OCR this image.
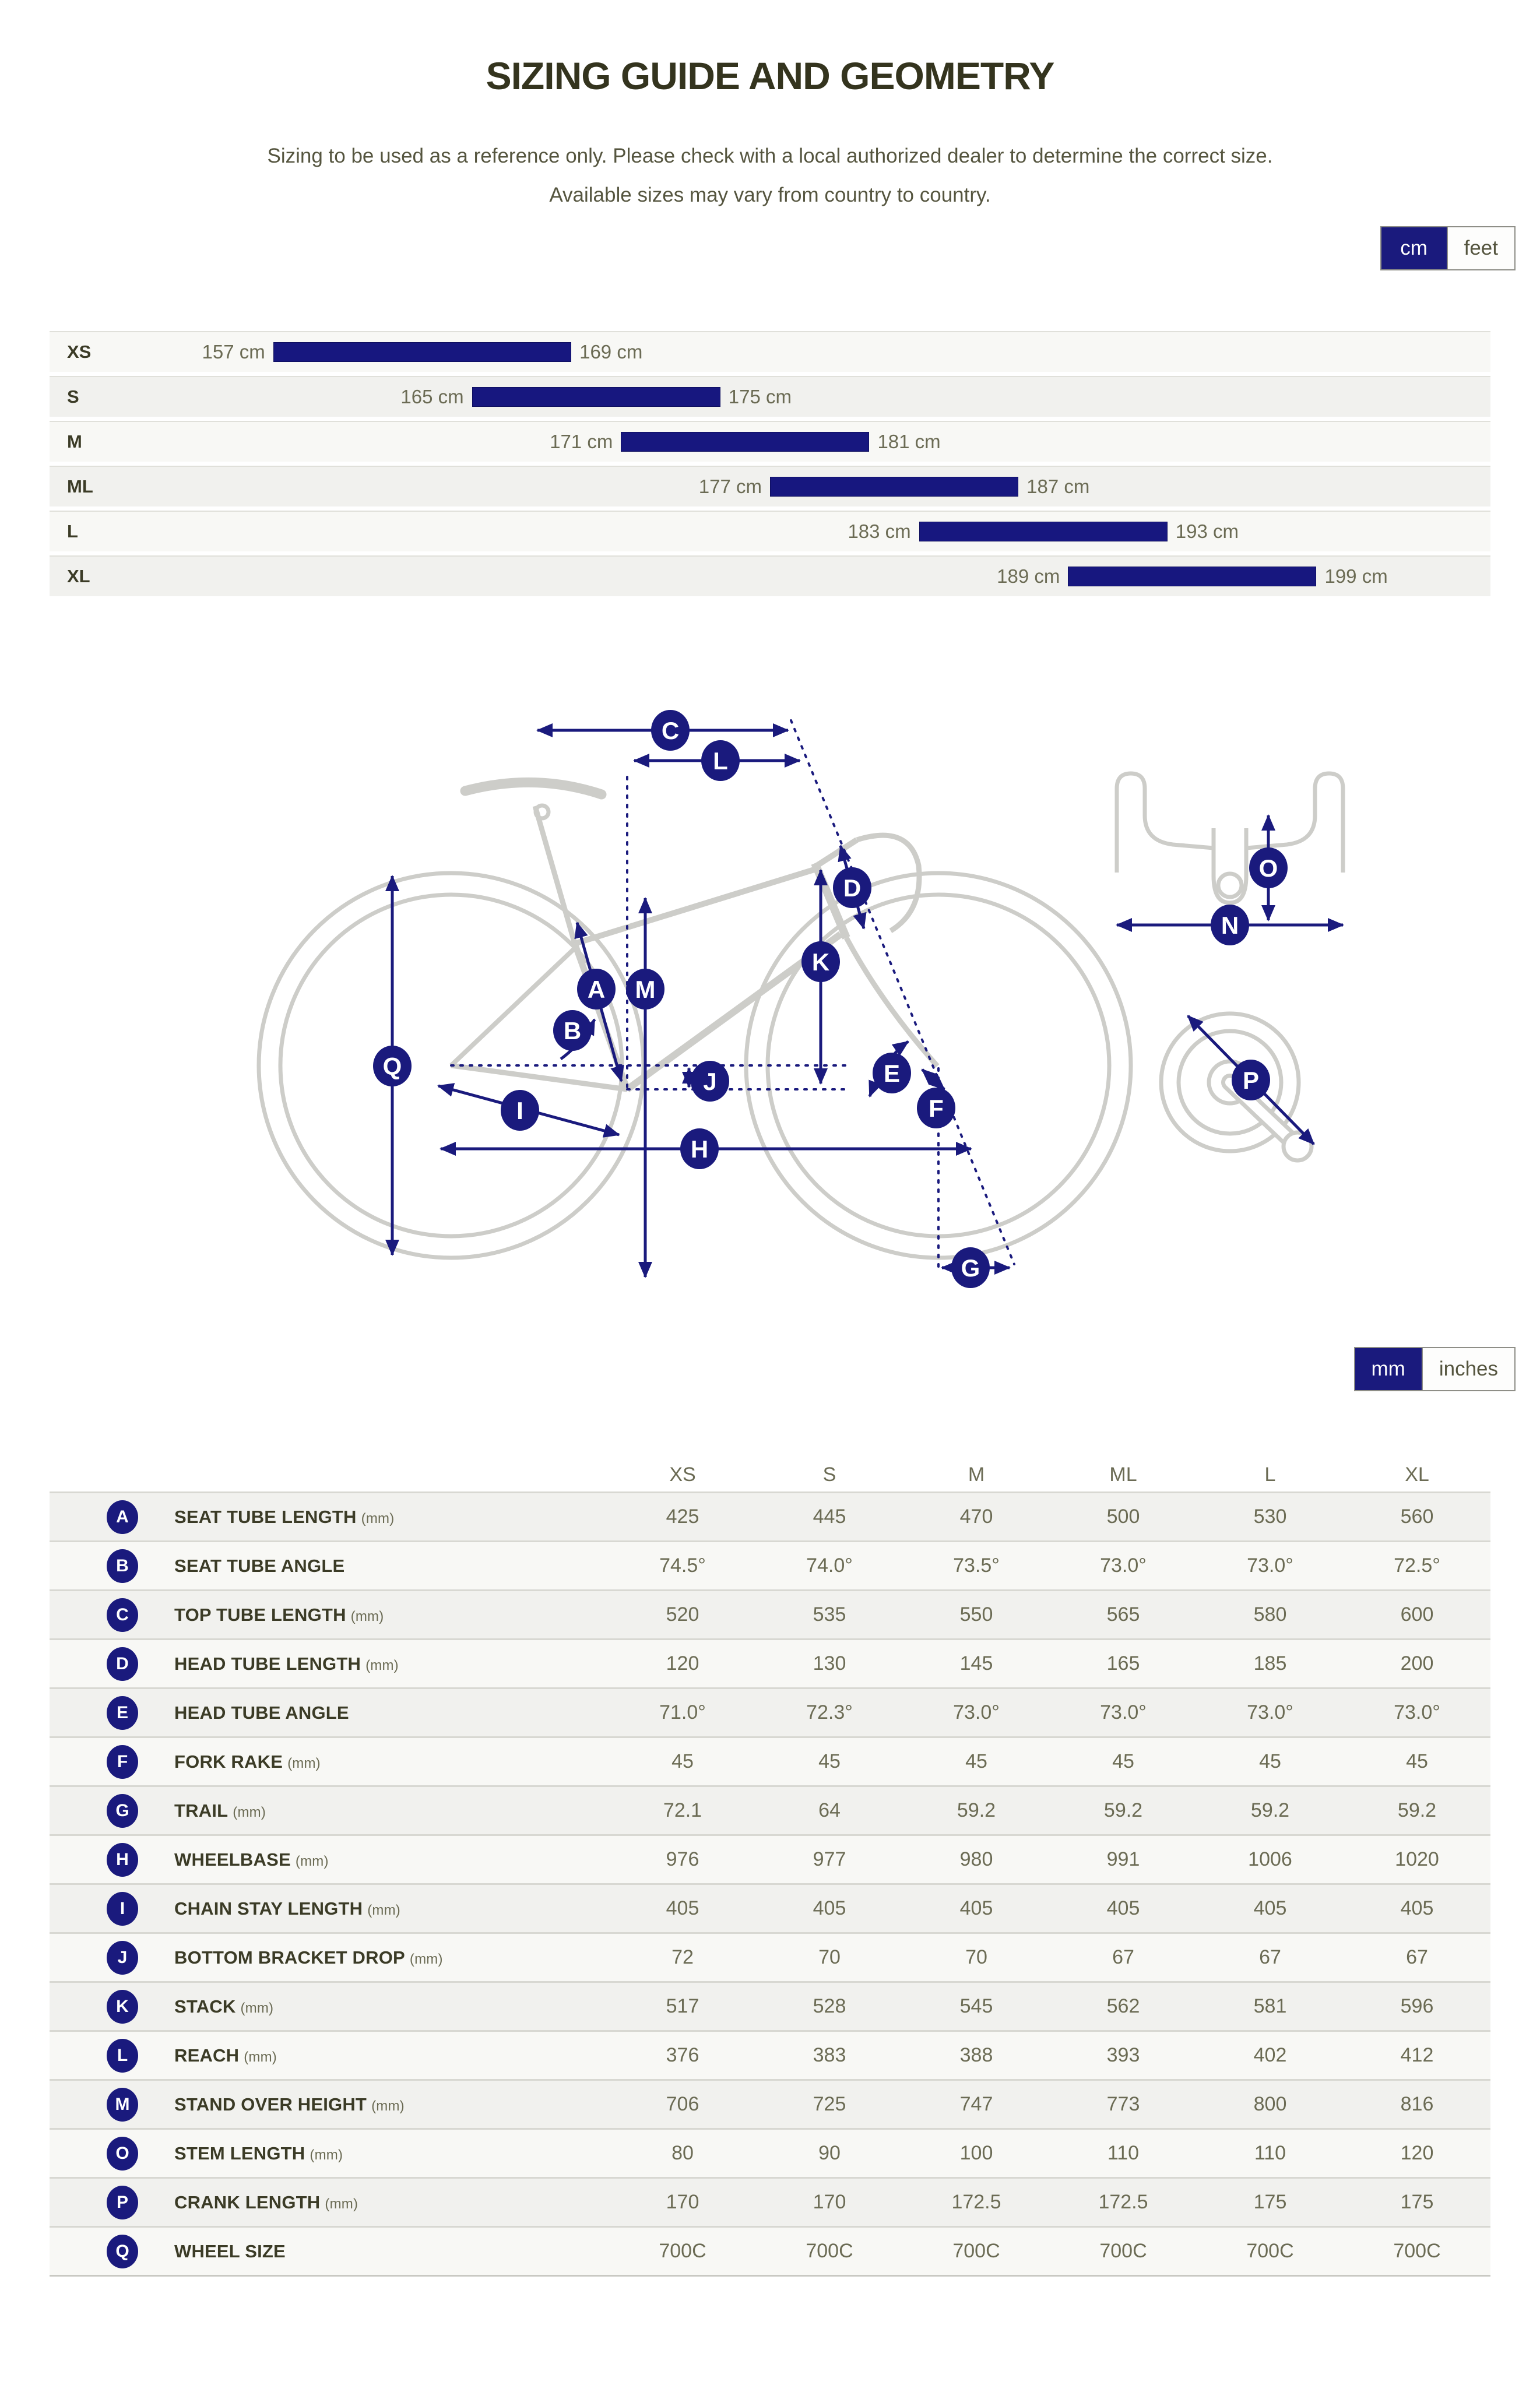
SIZING GUIDE AND GEOMETRY
Sizing to be used as a reference only. Please check with a local authorized dealer to determine the correct size.
Available sizes may vary from country to country.
cm	feet
XS	157 cm	169 cm
S	165 cm	175 cm
M	171 cm	181 cm
ML	177 cm	187 cm
L	183 cm	193 cm
XL	189 cm	199 cm
C
L
D
K
A M
B
Q
J	E
F
I
H
G
O
N
P
mm	inches
XS	S	M	ML	L	XL
A	SEAT TUBE LENGTH (mm)	425	445	470	500	530	560
B	SEAT TUBE ANGLE	74.5°	74.0°	73.5°	73.0°	73.0°	72.5°
C	TOP TUBE LENGTH (mm)	520	535	550	565	580	600
D	HEAD TUBE LENGTH (mm)	120	130	145	165	185	200
E	HEAD TUBE ANGLE	71.0°	72.3°	73.0°	73.0°	73.0°	73.0°
F	FORK RAKE (mm)	45	45	45	45	45	45
G	TRAIL (mm)	72.1	64	59.2	59.2	59.2	59.2
H	WHEELBASE (mm)	976	977	980	991	1006	1020
I	CHAIN STAY LENGTH (mm)	405	405	405	405	405	405
J	BOTTOM BRACKET DROP (mm)	72	70	70	67	67	67
K	STACK (mm)	517	528	545	562	581	596
L	REACH (mm)	376	383	388	393	402	412
M	STAND OVER HEIGHT (mm)	706	725	747	773	800	816
O	STEM LENGTH (mm)	80	90	100	110	110	120
P	CRANK LENGTH (mm)	170	170	172.5	172.5	175	175
Q	WHEEL SIZE	700C	700C	700C	700C	700C	700C
